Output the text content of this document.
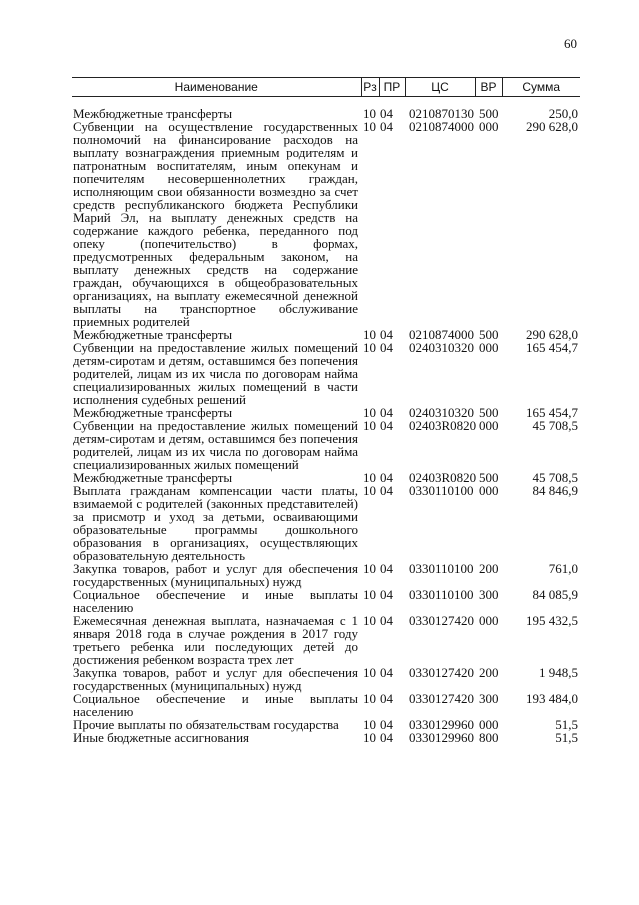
60
Наименование	Рз	ПР	ЦС	ВР	Сумма
Межбюджетные трансферты	10	04	0210870130	500	250,0
Субвенции на осуществление государственных полномочий на финансирование расходов на выплату вознаграждения приемным родителям и патронатным воспитателям, иным опекунам и попечителям несовершеннолетних граждан, исполняющим свои обязанности возмездно за счет средств республиканского бюджета Республики Марий Эл, на выплату денежных средств на содержание каждого ребенка, переданного под опеку (попечительство) в формах, предусмотренных федеральным законом, на выплату денежных средств на содержание граждан, обучающихся в общеобразовательных организациях, на выплату ежемесячной денежной выплаты на транспортное обслуживание приемных родителей	10	04	0210874000	000	290 628,0
Межбюджетные трансферты	10	04	0210874000	500	290 628,0
Субвенции на предоставление жилых помещений детям-сиротам и детям, оставшимся без попечения родителей, лицам из их числа по договорам найма специализированных жилых помещений в части исполнения судебных решений	10	04	0240310320	000	165 454,7
Межбюджетные трансферты	10	04	0240310320	500	165 454,7
Субвенции на предоставление жилых помещений детям-сиротам и детям, оставшимся без попечения родителей, лицам из их числа по договорам найма специализированных жилых помещений	10	04	02403R0820	000	45 708,5
Межбюджетные трансферты	10	04	02403R0820	500	45 708,5
Выплата гражданам компенсации части платы, взимаемой с родителей (законных представителей) за присмотр и уход за детьми, осваивающими образовательные программы дошкольного образования в организациях, осуществляющих образовательную деятельность	10	04	0330110100	000	84 846,9
Закупка товаров, работ и услуг для обеспечения государственных (муниципальных) нужд	10	04	0330110100	200	761,0
Социальное обеспечение и иные выплаты населению	10	04	0330110100	300	84 085,9
Ежемесячная денежная выплата, назначаемая с 1 января 2018 года в случае рождения в 2017 году третьего ребенка или последующих детей до достижения ребенком возраста трех лет	10	04	0330127420	000	195 432,5
Закупка товаров, работ и услуг для обеспечения государственных (муниципальных) нужд	10	04	0330127420	200	1 948,5
Социальное обеспечение и иные выплаты населению	10	04	0330127420	300	193 484,0
Прочие выплаты по обязательствам государства	10	04	0330129960	000	51,5
Иные бюджетные ассигнования	10	04	0330129960	800	51,5
